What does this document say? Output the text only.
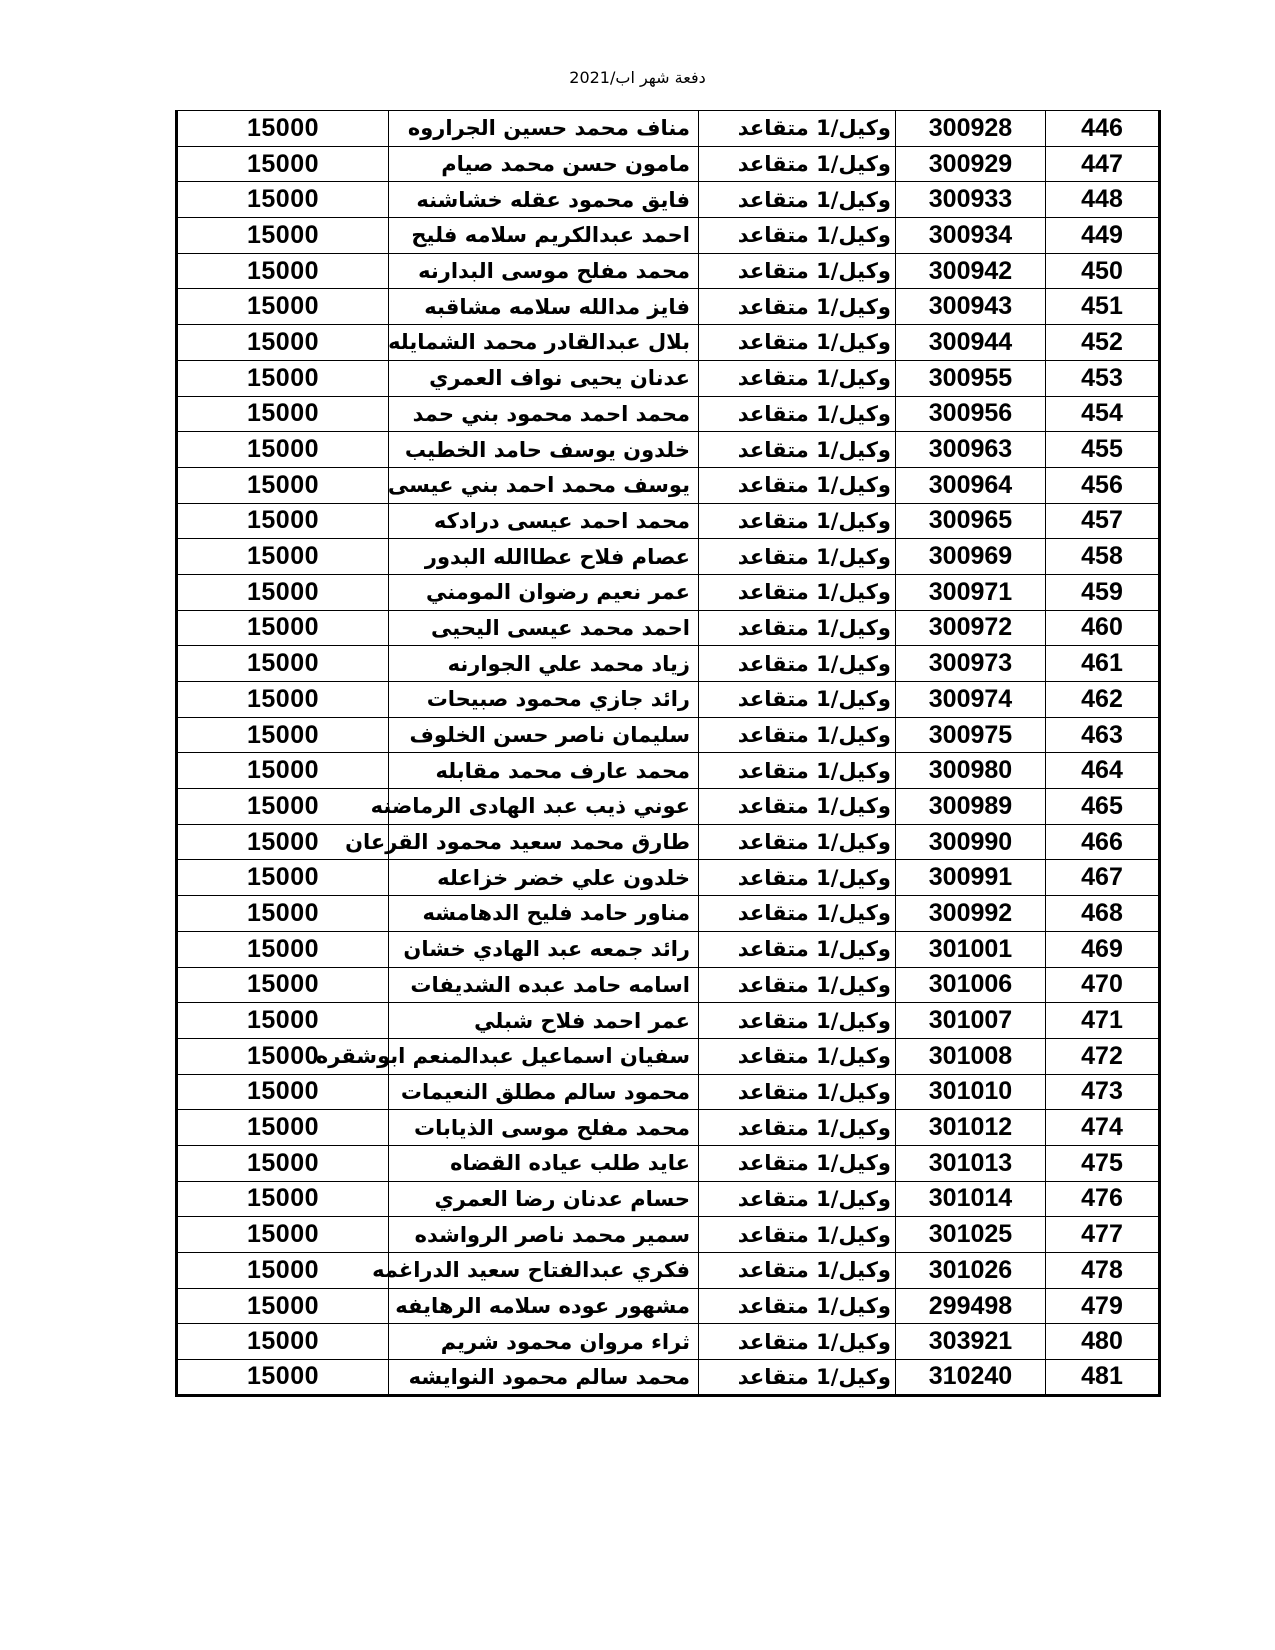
دفعة شهر اب/2021
15000	مناف محمد حسين الجراروه	وكيل/1 متقاعد	300928	446
15000	مامون حسن محمد صيام	وكيل/1 متقاعد	300929	447
15000	فايق محمود عقله خشاشنه	وكيل/1 متقاعد	300933	448
15000	احمد عبدالكريم سلامه فليح	وكيل/1 متقاعد	300934	449
15000	محمد مفلح موسى البدارنه	وكيل/1 متقاعد	300942	450
15000	فايز مدالله سلامه مشاقبه	وكيل/1 متقاعد	300943	451
15000	بلال عبدالقادر محمد الشمايله	وكيل/1 متقاعد	300944	452
15000	عدنان يحيى نواف العمري	وكيل/1 متقاعد	300955	453
15000	محمد احمد محمود بني حمد	وكيل/1 متقاعد	300956	454
15000	خلدون يوسف حامد الخطيب	وكيل/1 متقاعد	300963	455
15000	يوسف محمد احمد بني عيسى	وكيل/1 متقاعد	300964	456
15000	محمد احمد عيسى درادكه	وكيل/1 متقاعد	300965	457
15000	عصام فلاح عطاالله البدور	وكيل/1 متقاعد	300969	458
15000	عمر نعيم رضوان المومني	وكيل/1 متقاعد	300971	459
15000	احمد محمد عيسى اليحيى	وكيل/1 متقاعد	300972	460
15000	زياد محمد علي الجوارنه	وكيل/1 متقاعد	300973	461
15000	رائد جازي محمود صبيحات	وكيل/1 متقاعد	300974	462
15000	سليمان ناصر حسن الخلوف	وكيل/1 متقاعد	300975	463
15000	محمد عارف محمد مقابله	وكيل/1 متقاعد	300980	464
15000	عوني ذيب عبد الهادى الرماضنه	وكيل/1 متقاعد	300989	465
15000	طارق محمد سعيد محمود القرعان	وكيل/1 متقاعد	300990	466
15000	خلدون علي خضر خزاعله	وكيل/1 متقاعد	300991	467
15000	مناور حامد فليح الدهامشه	وكيل/1 متقاعد	300992	468
15000	رائد جمعه عبد الهادي خشان	وكيل/1 متقاعد	301001	469
15000	اسامه حامد عبده الشديفات	وكيل/1 متقاعد	301006	470
15000	عمر احمد فلاح شبلي	وكيل/1 متقاعد	301007	471
15000	سفيان اسماعيل عبدالمنعم ابوشقره	وكيل/1 متقاعد	301008	472
15000	محمود سالم مطلق النعيمات	وكيل/1 متقاعد	301010	473
15000	محمد مفلح موسى الذيابات	وكيل/1 متقاعد	301012	474
15000	عايد طلب عياده القضاه	وكيل/1 متقاعد	301013	475
15000	حسام عدنان رضا العمري	وكيل/1 متقاعد	301014	476
15000	سمير محمد ناصر الرواشده	وكيل/1 متقاعد	301025	477
15000	فكري عبدالفتاح سعيد الدراغمه	وكيل/1 متقاعد	301026	478
15000	مشهور عوده سلامه الرهايفه	وكيل/1 متقاعد	299498	479
15000	ثراء مروان محمود شريم	وكيل/1 متقاعد	303921	480
15000	محمد سالم محمود النوايشه	وكيل/1 متقاعد	310240	481
